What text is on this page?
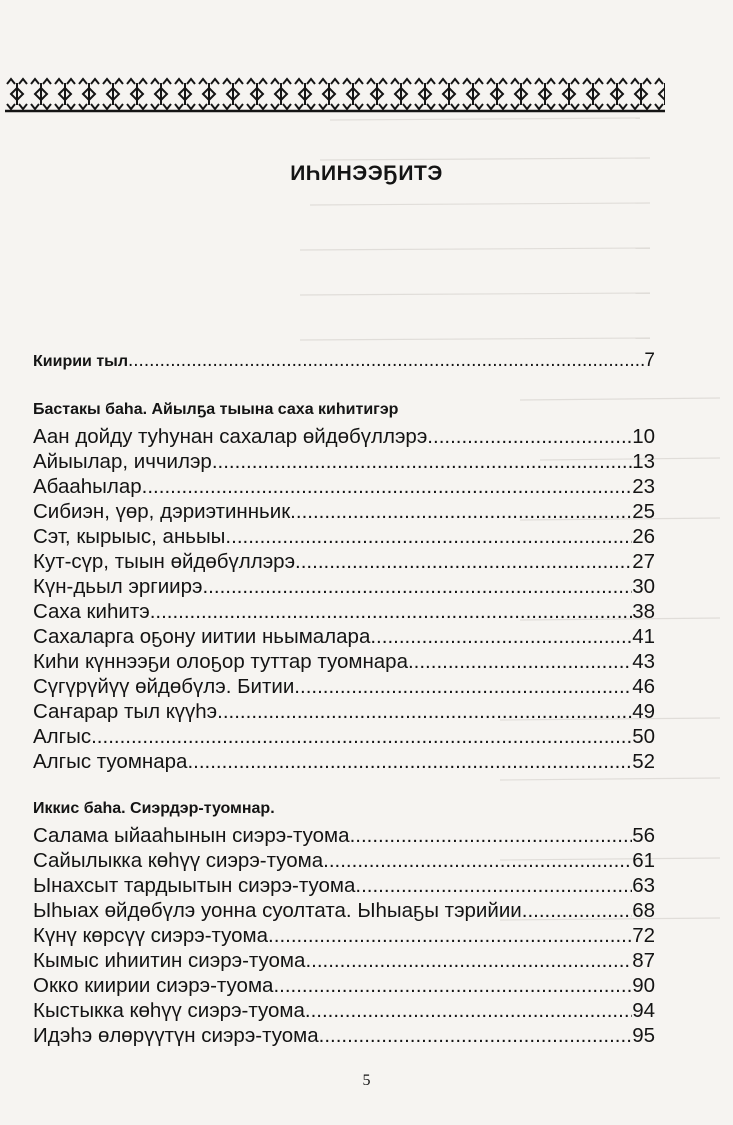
ИҺИНЭЭҔИТЭ
Киирии тыл .....	7
Бастакы баһа. Айылҕа тыына саха киһитигэр
Аан дойду туһунан сахалар өйдөбүллэрэ .....	10
Айыылар, иччилэр .....	13
Абааһылар .....	23
Сибиэн, үөр, дэриэтинньик .....	25
Сэт, кырыыс, аньыы .....	26
Кут-сүр, тыын өйдөбүллэрэ .....	27
Күн-дьыл эргиирэ .....	30
Саха киһитэ .....	38
Сахаларга оҕону иитии ньымалара .....	41
Киһи күннээҕи олоҕор туттар туомнара .....	43
Сүгүрүйүү өйдөбүлэ. Битии .....	46
Саҥарар тыл күүһэ .....	49
Алгыс .....	50
Алгыс туомнара .....	52
Иккис баһа. Сиэрдэр-туомнар.
Салама ыйааһынын сиэрэ-туома .....	56
Сайылыкка көһүү сиэрэ-туома .....	61
Ынахсыт тардыытын сиэрэ-туома .....	63
Ыһыах өйдөбүлэ уонна суолтата. Ыһыаҕы тэрийии .....	68
Күнү көрсүү сиэрэ-туома .....	72
Кымыс иһиитин сиэрэ-туома .....	87
Окко киирии сиэрэ-туома .....	90
Кыстыкка көһүү сиэрэ-туома .....	94
Идэһэ өлөрүүтүн сиэрэ-туома .....	95
5
